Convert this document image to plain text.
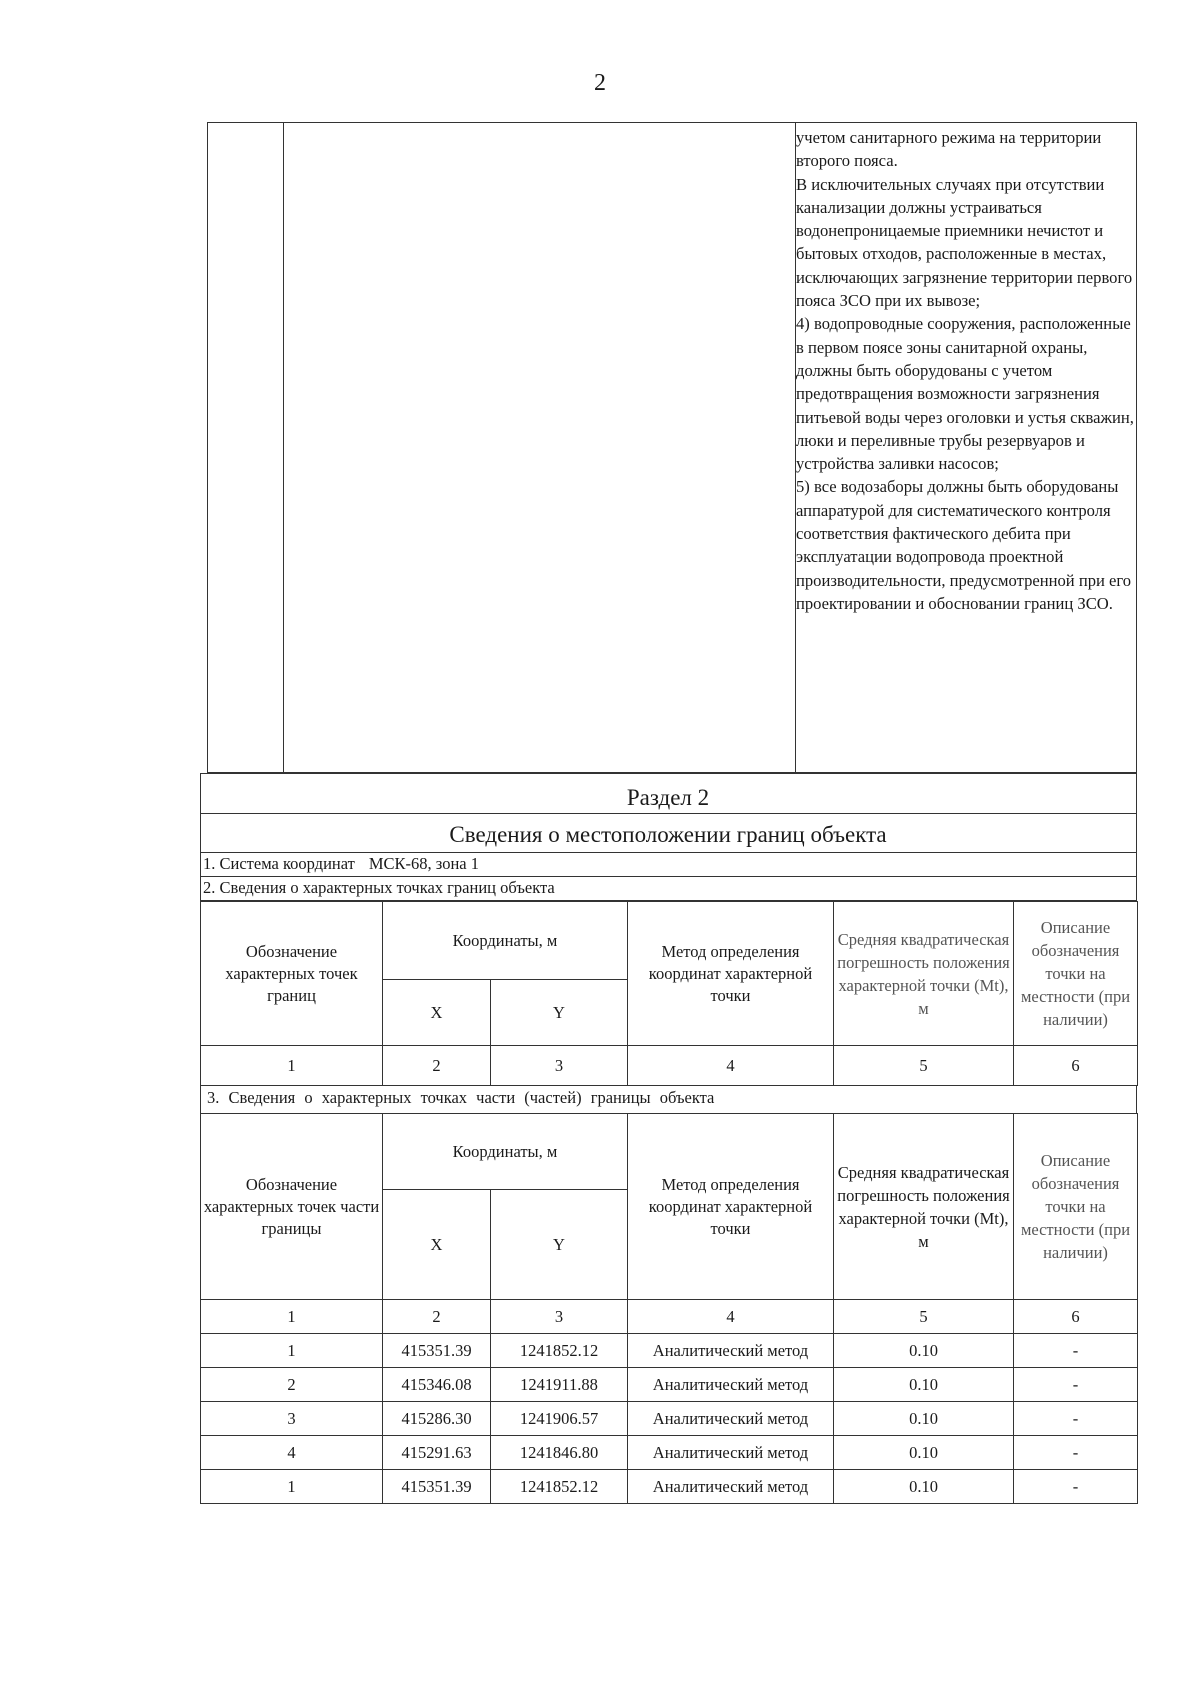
2

учетом санитарного режима на территории второго пояса.

В исключительных случаях при отсутствии канализации должны устраиваться водонепроницаемые приемники нечистот и бытовых отходов, расположенные в местах, исключающих загрязнение территории первого пояса ЗСО при их вывозе;

4) водопроводные сооружения, расположенные в первом поясе зоны санитарной охраны, должны быть оборудованы с учетом предотвращения возможности загрязнения питьевой воды через оголовки и устья скважин, люки и переливные трубы резервуаров и устройства заливки насосов;

5) все водозаборы должны быть оборудованы аппаратурой для систематического контроля соответствия фактического дебита при эксплуатации водопровода проектной производительности, предусмотренной при его проектировании и обосновании границ ЗСО.

Раздел 2
Сведения о местоположении границ объекта
1. Система координат МСК-68, зона 1
2. Сведения о характерных точках границ объекта
Обозначение характерных точек границ	Координаты, м		Метод определения координат характерной точки	Средняя квадратическая погрешность положения характерной точки (Mt), м	Описание обозначения точки на местности (при наличии)
	X	Y			
1	2	3	4	5	6
3. Сведения о характерных точках части (частей) границы объекта
Обозначение характерных точек части границы	Координаты, м		Метод определения координат характерной точки	Средняя квадратическая погрешность положения характерной точки (Mt), м	Описание обозначения точки на местности (при наличии)
	X	Y			
1	2	3	4	5	6
1	415351.39	1241852.12	Аналитический метод	0.10	-
2	415346.08	1241911.88	Аналитический метод	0.10	-
3	415286.30	1241906.57	Аналитический метод	0.10	-
4	415291.63	1241846.80	Аналитический метод	0.10	-
1	415351.39	1241852.12	Аналитический метод	0.10	-
